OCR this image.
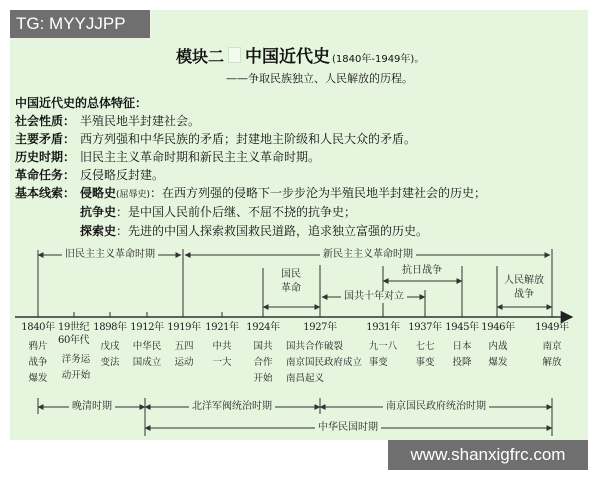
TG: MYYJJPP
模块二 中国近代史 (1840年-1949年)。
——争取民族独立、人民解放的历程。
中国近代史的总体特征：
社会性质： 半殖民地半封建社会。
主要矛盾： 西方列强和中华民族的矛盾；封建地主阶级和人民大众的矛盾。
历史时期： 旧民主主义革命时期和新民主主义革命时期。
革命任务： 反侵略反封建。
基本线索： 侵略史(屈辱史)：在西方列强的侵略下一步步沦为半殖民地半封建社会的历史；
抗争史：是中国人民前仆后继、不屈不挠的抗争史；
探索史：先进的中国人探索救国救民道路，追求独立富强的历史。
旧民主主义革命时期	新民主主义革命时期
国民革命
国共十年对立
抗日战争
人民解放战争
1840年 19世纪60年代
1898年 1912年 1919年 1921年 1924年 1927年	1931年 1937年 1945年 1946年 1949年
鸦片战争爆发
洋务运动开始
戊戌变法
中华民国成立
五四运动
中共一大
国共合作开始
国共合作破裂
南京国民政府成立
南昌起义
九一八事变
七七事变
日本投降
内战爆发
南京解放
晚清时期	北洋军阀统治时期	南京国民政府统治时期
中华民国时期
www.shanxigfrc.com
